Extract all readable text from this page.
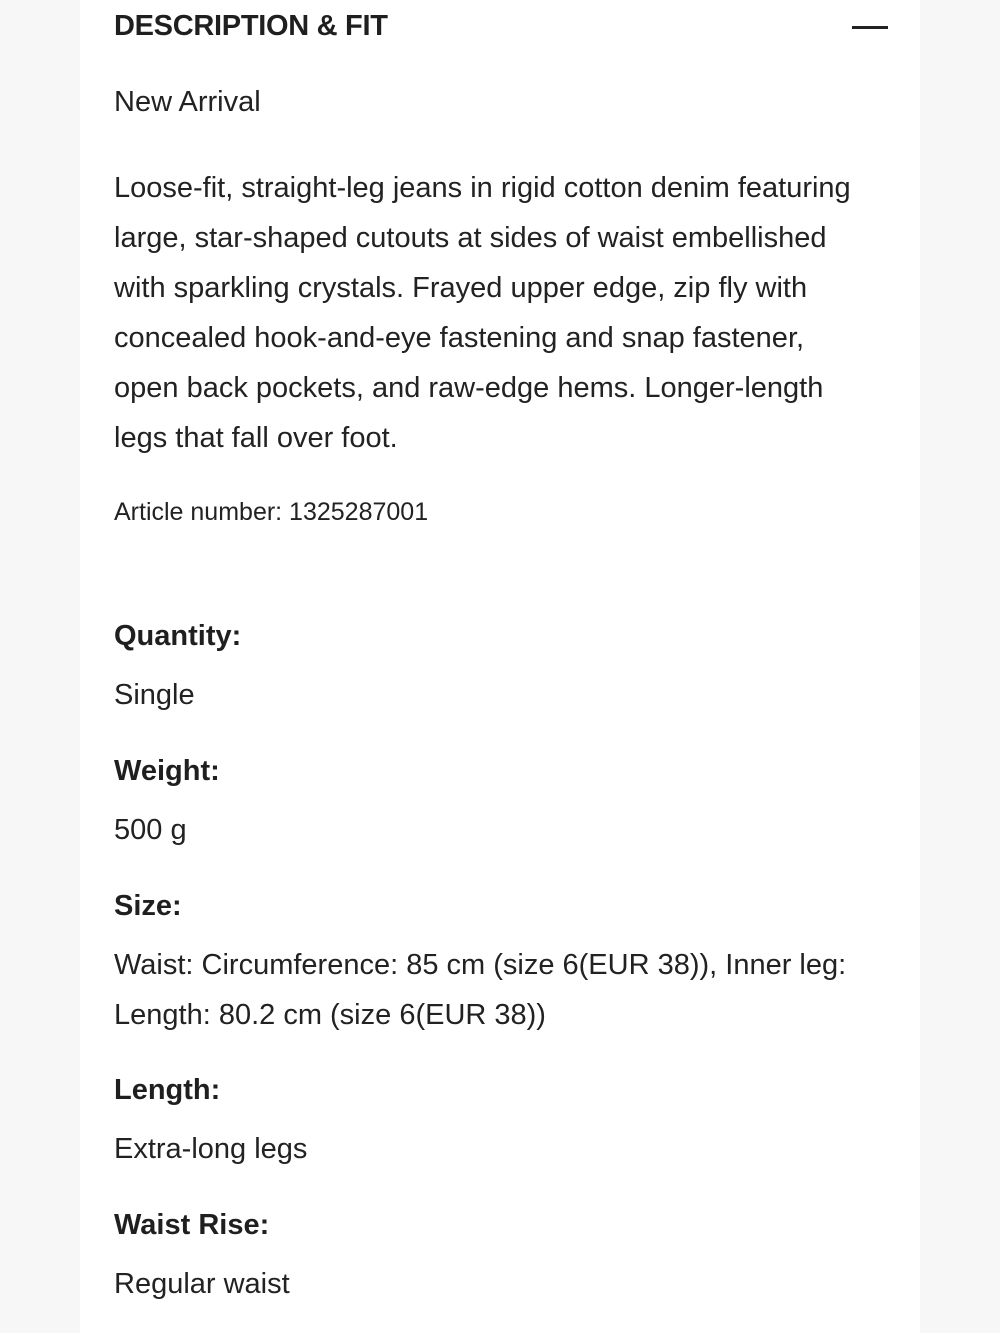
DESCRIPTION & FIT
New Arrival

Loose-fit, straight-leg jeans in rigid cotton denim featuring large, star-shaped cutouts at sides of waist embellished with sparkling crystals. Frayed upper edge, zip fly with concealed hook-and-eye fastening and snap fastener, open back pockets, and raw-edge hems. Longer-length legs that fall over foot.

Article number: 1325287001
Quantity:
Single
Weight:
500 g
Size:
Waist: Circumference: 85 cm (size 6(EUR 38)), Inner leg: Length: 80.2 cm (size 6(EUR 38))
Length:
Extra-long legs
Waist Rise:
Regular waist
